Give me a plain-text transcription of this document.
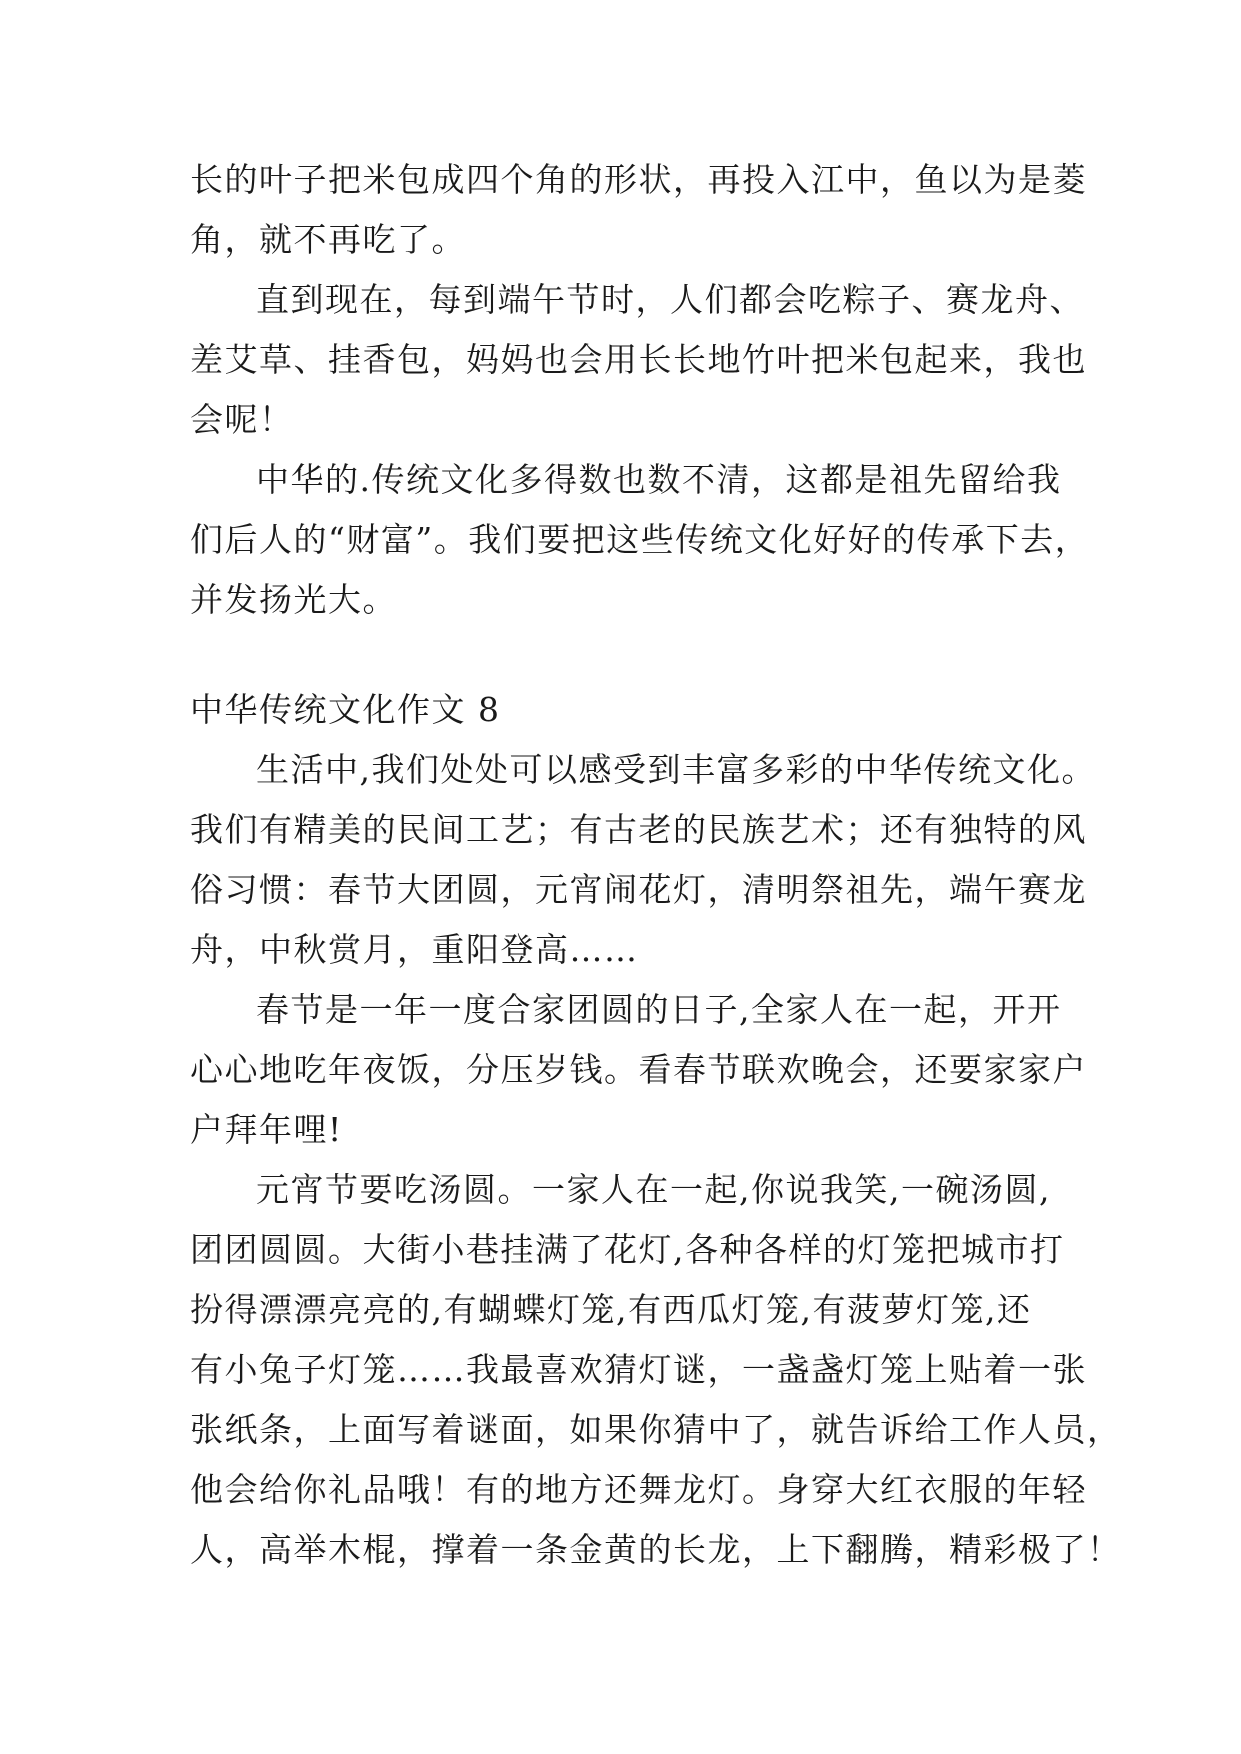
长的叶子把米包成四个角的形状，再投入江中，鱼以为是菱
角，就不再吃了。

直到现在，每到端午节时，人们都会吃粽子、赛龙舟、
差艾草、挂香包，妈妈也会用长长地竹叶把米包起来，我也
会呢！

中华的.传统文化多得数也数不清，这都是祖先留给我
们后人的“财富”。我们要把这些传统文化好好的传承下去，
并发扬光大。

中华传统文化作文 8

生活中,我们处处可以感受到丰富多彩的中华传统文化。
我们有精美的民间工艺；有古老的民族艺术；还有独特的风
俗习惯：春节大团圆，元宵闹花灯，清明祭祖先，端午赛龙
舟，中秋赏月，重阳登高……

春节是一年一度合家团圆的日子,全家人在一起，开开
心心地吃年夜饭，分压岁钱。看春节联欢晚会，还要家家户
户拜年哩!

元宵节要吃汤圆。一家人在一起,你说我笑,一碗汤圆,
团团圆圆。大街小巷挂满了花灯,各种各样的灯笼把城市打
扮得漂漂亮亮的,有蝴蝶灯笼,有西瓜灯笼,有菠萝灯笼,还
有小兔子灯笼……我最喜欢猜灯谜，一盏盏灯笼上贴着一张
张纸条，上面写着谜面，如果你猜中了，就告诉给工作人员，
他会给你礼品哦！有的地方还舞龙灯。身穿大红衣服的年轻
人，高举木棍，撑着一条金黄的长龙，上下翻腾，精彩极了！
